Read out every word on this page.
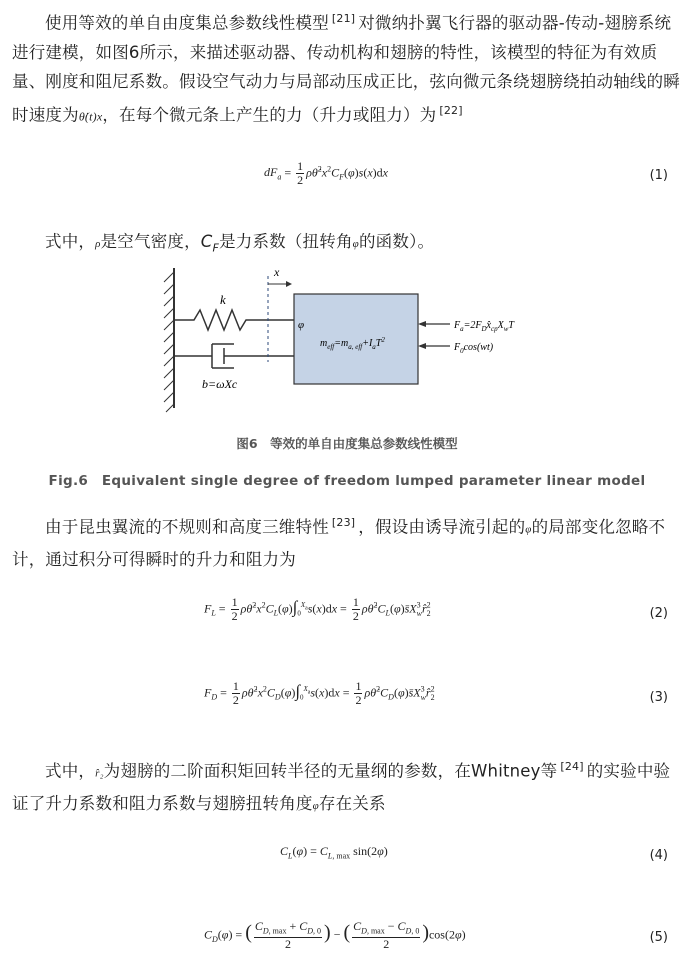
使用等效的单自由度集总参数线性模型 [21] 对微纳扑翼飞行器的驱动器-传动-翅膀系统进行建模，如图6所示，来描述驱动器、传动机构和翅膀的特性，该模型的特征为有效质量、刚度和阻尼系数。假设空气动力与局部动压成正比，弦向微元条绕翅膀绕拍动轴线的瞬时速度为θ̇(t)x，在每个微元条上产生的力（升力或阻力）为 [22]
$dF_a = \frac{1}{2}$ $\rho\thetȧ^2x^2C_F(\varphi)s(x)dx$	(1)
式中，ρ是空气密度，$C_F$是力系数（扭转角φ的函数）。
k
b=ωXc
x
φ
$m_{eff}=m_{a, eff}+I_aT^2$
$F_a=2F_Dx̂_{cp}X_wT$
$F_0\cos(wt)$
图6　等效的单自由度集总参数线性模型
Fig.6　Equivalent single degree of freedom lumped parameter linear model
由于昆虫翼流的不规则和高度三维特性 [23] ，假设由诱导流引起的φ的局部变化忽略不计，通过积分可得瞬时的升力和阻力为
$F_L = \frac{1}{2}$ $\rho\thetȧ^2x^2C_L(\varphi)\int_0^{X_a}s(x)dx = \frac{1}{2}$ $\rho\thetȧ^2C_L(\varphi)s̄X^3_wr̂^2_2$	(2)
$F_D = \frac{1}{2}$ $\rho\thetȧ^2x^2C_D(\varphi)\int_0^{X_a}s(x)dx = \frac{1}{2}$ $\rho\thetȧ^2C_D(\varphi)s̄X^3_wr̂^2_2$	(3)
式中，r̂₂为翅膀的二阶面积矩回转半径的无量纲的参数，在Whitney等 [24] 的实验中验证了升力系数和阻力系数与翅膀扭转角度φ存在关系
$C_L(\varphi) = C_{L, max}$ sin(2φ)	(4)
$C_D(\varphi)$ = ( $\frac{C_{D, max} + C_{D, 0}}{2}$ ) − ( $\frac{C_{D, max} - C_{D, 0}}{2} )\cos(2\varphi)$	(5)
